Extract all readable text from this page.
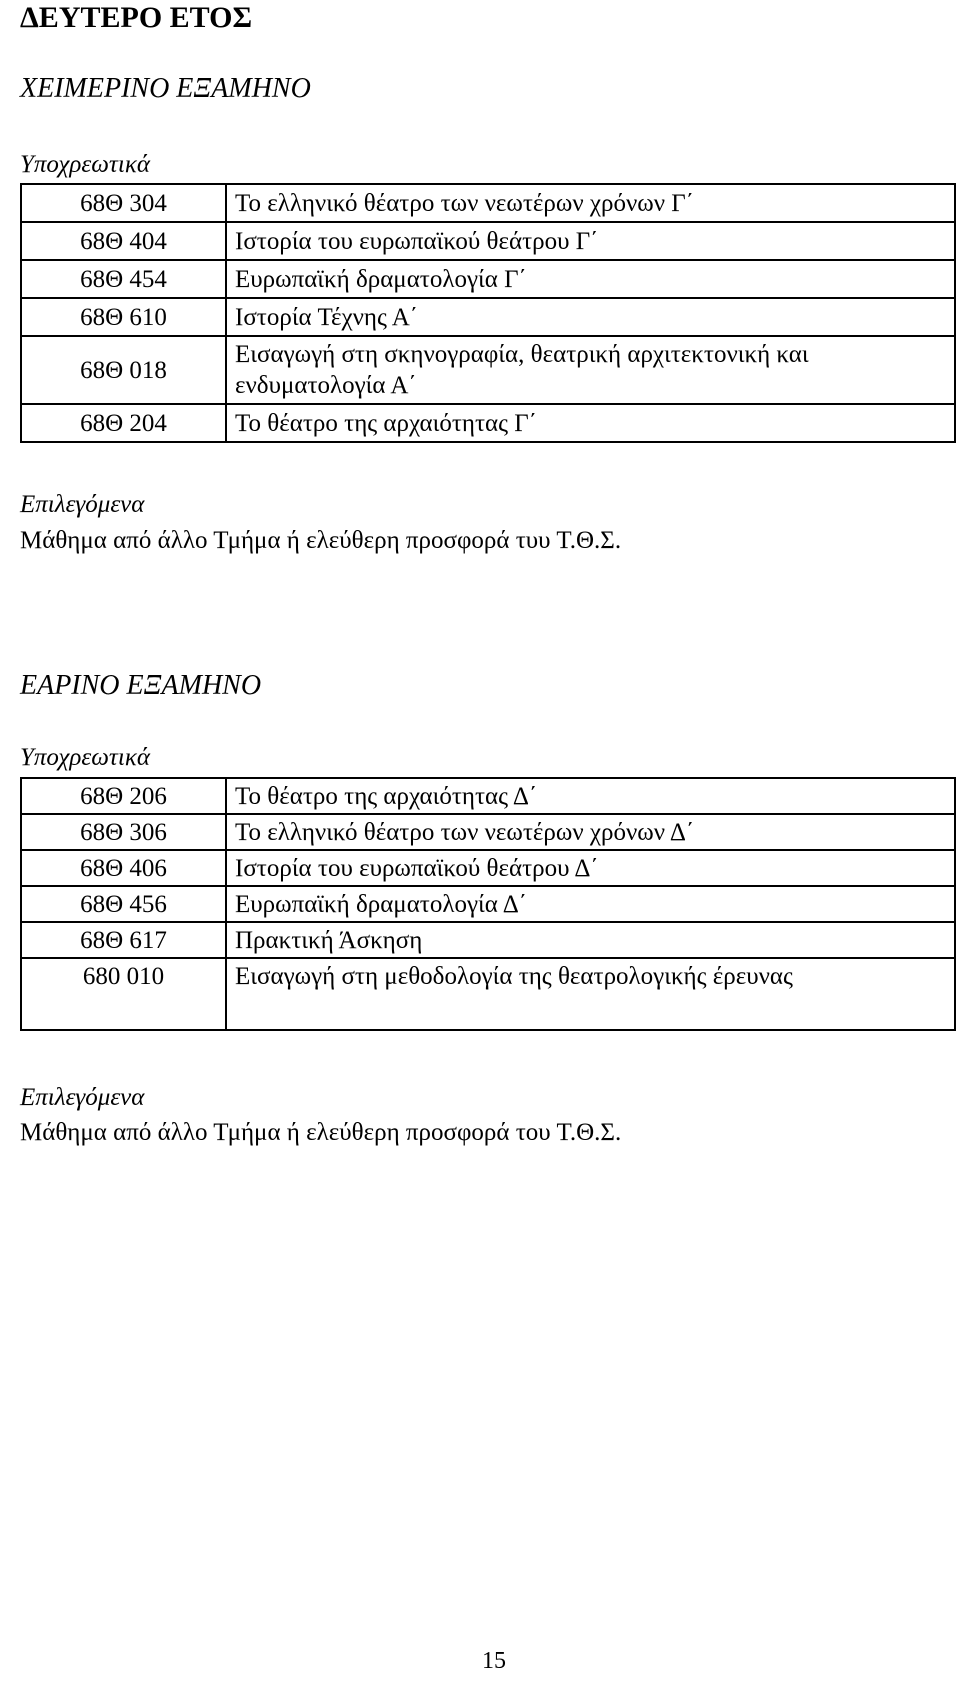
ΔΕΥΤΕΡΟ ΕΤΟΣ
ΧΕΙΜΕΡΙΝΟ ΕΞΑΜΗΝΟ
Υποχρεωτικά
68Θ 304	Το ελληνικό θέατρο των νεωτέρων χρόνων Γ΄
68Θ 404	Ιστορία του ευρωπαϊκού θεάτρου Γ΄
68Θ 454	Ευρωπαϊκή δραματολογία Γ΄
68Θ 610	Ιστορία Τέχνης Α΄
68Θ 018	Εισαγωγή στη σκηνογραφία, θεατρική αρχιτεκτονική και ενδυματολογία Α΄
68Θ 204	Το θέατρο της αρχαιότητας Γ΄
Επιλεγόμενα
Μάθημα από άλλο Τμήμα ή ελεύθερη προσφορά τυυ Τ.Θ.Σ.
ΕΑΡΙΝΟ ΕΞΑΜΗΝΟ
Υποχρεωτικά
68Θ 206	Το θέατρο της αρχαιότητας Δ΄
68Θ 306	Το ελληνικό θέατρο των νεωτέρων χρόνων Δ΄
68Θ 406	Ιστορία του ευρωπαϊκού θεάτρου Δ΄
68Θ 456	Ευρωπαϊκή δραματολογία Δ΄
68Θ 617	Πρακτική Άσκηση
680 010	Εισαγωγή στη μεθοδολογία της θεατρολογικής έρευνας
Επιλεγόμενα
Μάθημα από άλλο Τμήμα ή ελεύθερη προσφορά του Τ.Θ.Σ.
15
